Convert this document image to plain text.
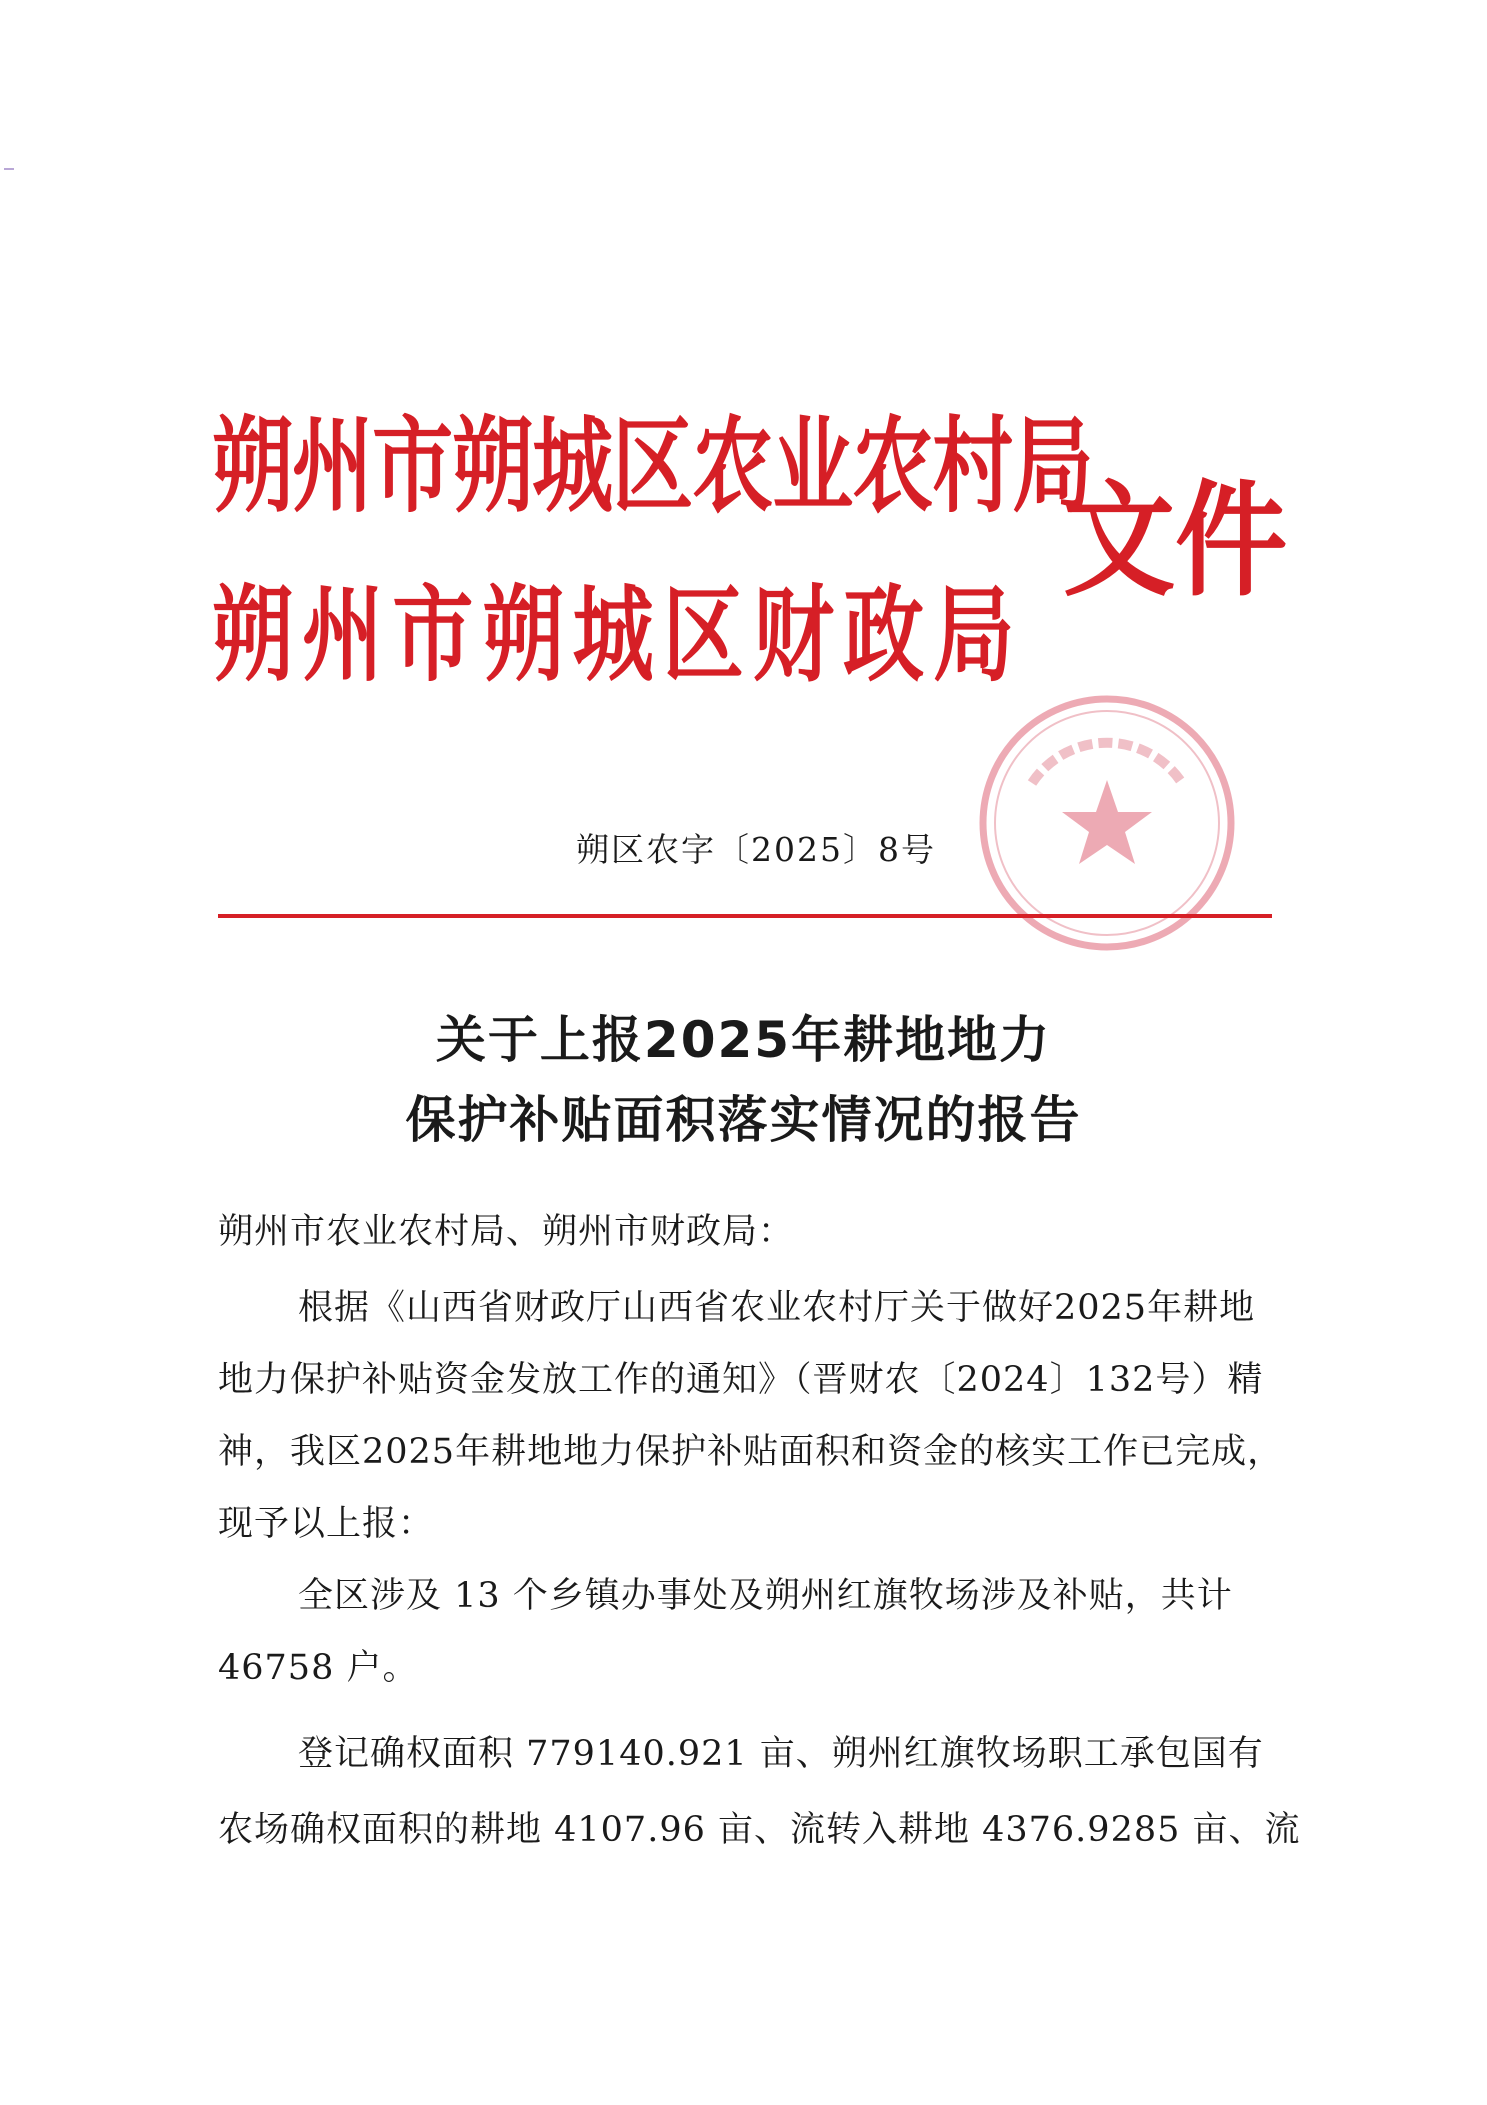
朔州市朔城区农业农村局
朔州市朔城区财政局
文件
朔区农字〔2025〕8号
关于上报2025年耕地地力
保护补贴面积落实情况的报告

朔州市农业农村局、朔州市财政局：

根据《山西省财政厅山西省农业农村厅关于做好2025年耕地

地力保护补贴资金发放工作的通知》（晋财农〔2024〕132号）精

神，我区2025年耕地地力保护补贴面积和资金的核实工作已完成，

现予以上报：

全区涉及 13 个乡镇办事处及朔州红旗牧场涉及补贴，共计

46758 户。

登记确权面积 779140.921 亩、朔州红旗牧场职工承包国有

农场确权面积的耕地 4107.96 亩、流转入耕地 4376.9285 亩、流
